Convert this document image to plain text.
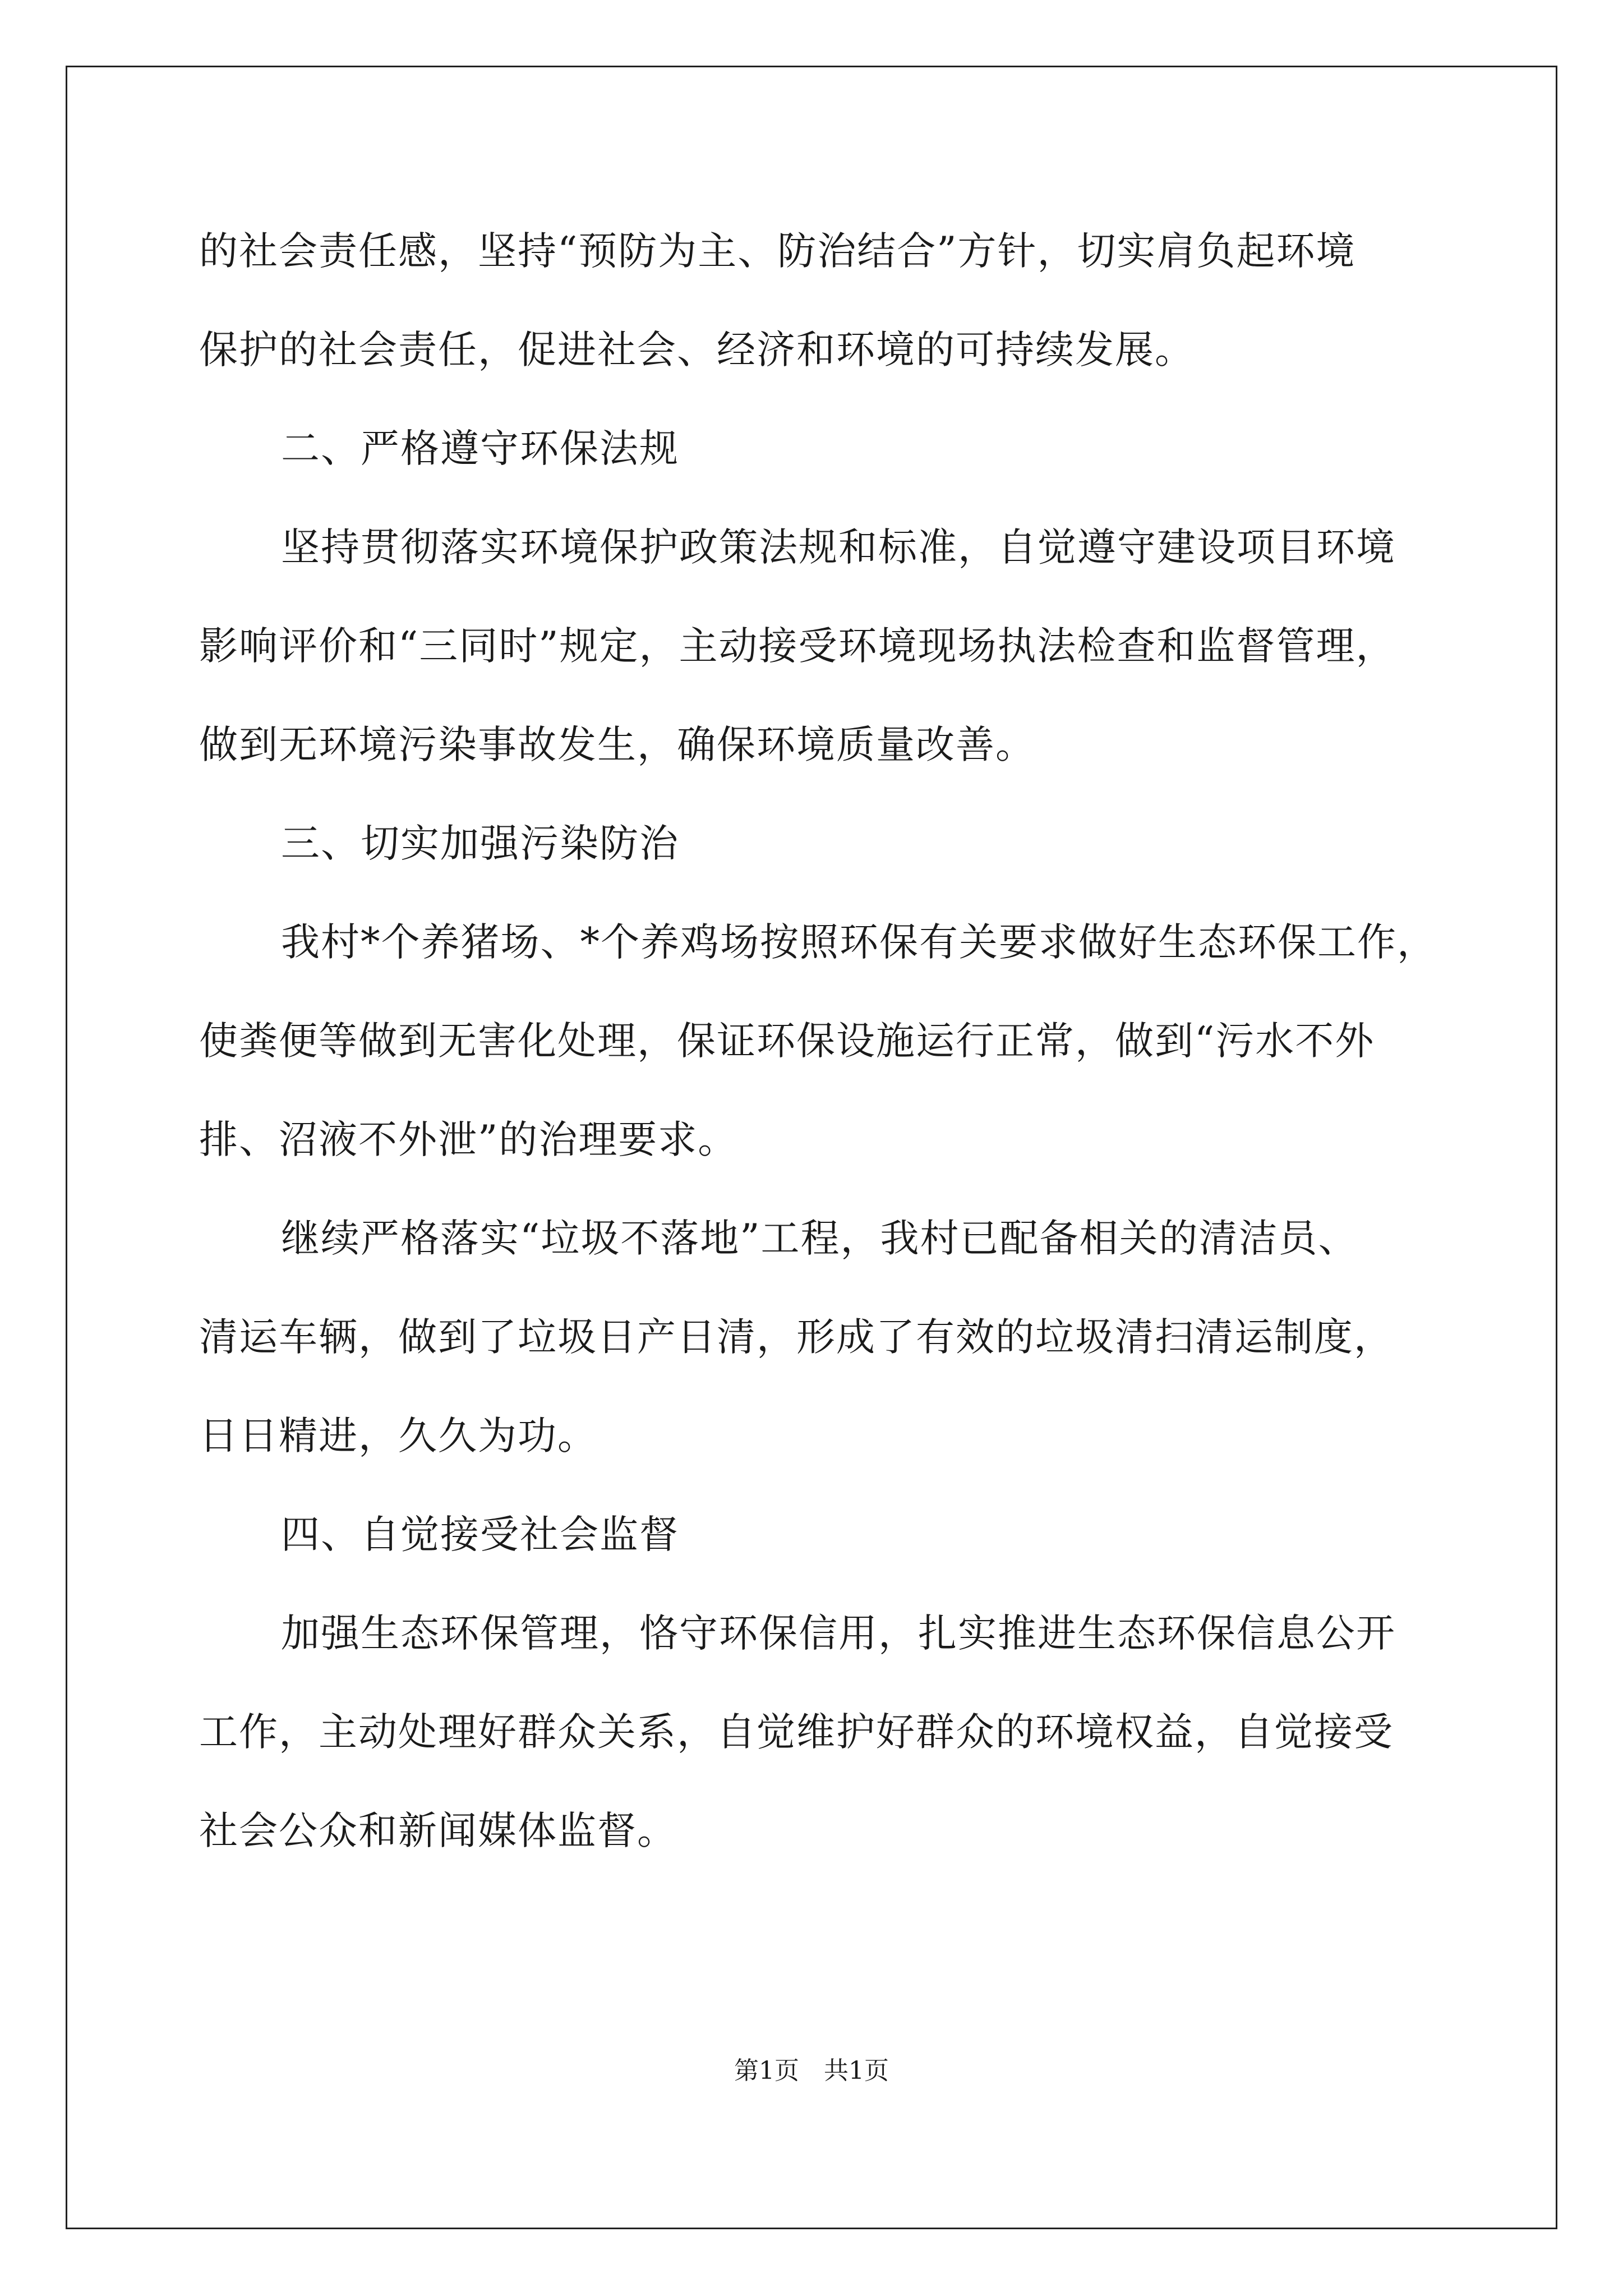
的社会责任感，坚持“预防为主、防治结合”方针，切实肩负起环境

保护的社会责任，促进社会、经济和环境的可持续发展。

二、严格遵守环保法规

坚持贯彻落实环境保护政策法规和标准，自觉遵守建设项目环境

影响评价和“三同时”规定，主动接受环境现场执法检查和监督管理，

做到无环境污染事故发生，确保环境质量改善。

三、切实加强污染防治

我村*个养猪场、*个养鸡场按照环保有关要求做好生态环保工作，

使粪便等做到无害化处理，保证环保设施运行正常，做到“污水不外

排、沼液不外泄”的治理要求。

继续严格落实“垃圾不落地”工程，我村已配备相关的清洁员、

清运车辆，做到了垃圾日产日清，形成了有效的垃圾清扫清运制度，

日日精进，久久为功。

四、自觉接受社会监督

加强生态环保管理，恪守环保信用，扎实推进生态环保信息公开

工作，主动处理好群众关系，自觉维护好群众的环境权益，自觉接受

社会公众和新闻媒体监督。

第1页　共1页
